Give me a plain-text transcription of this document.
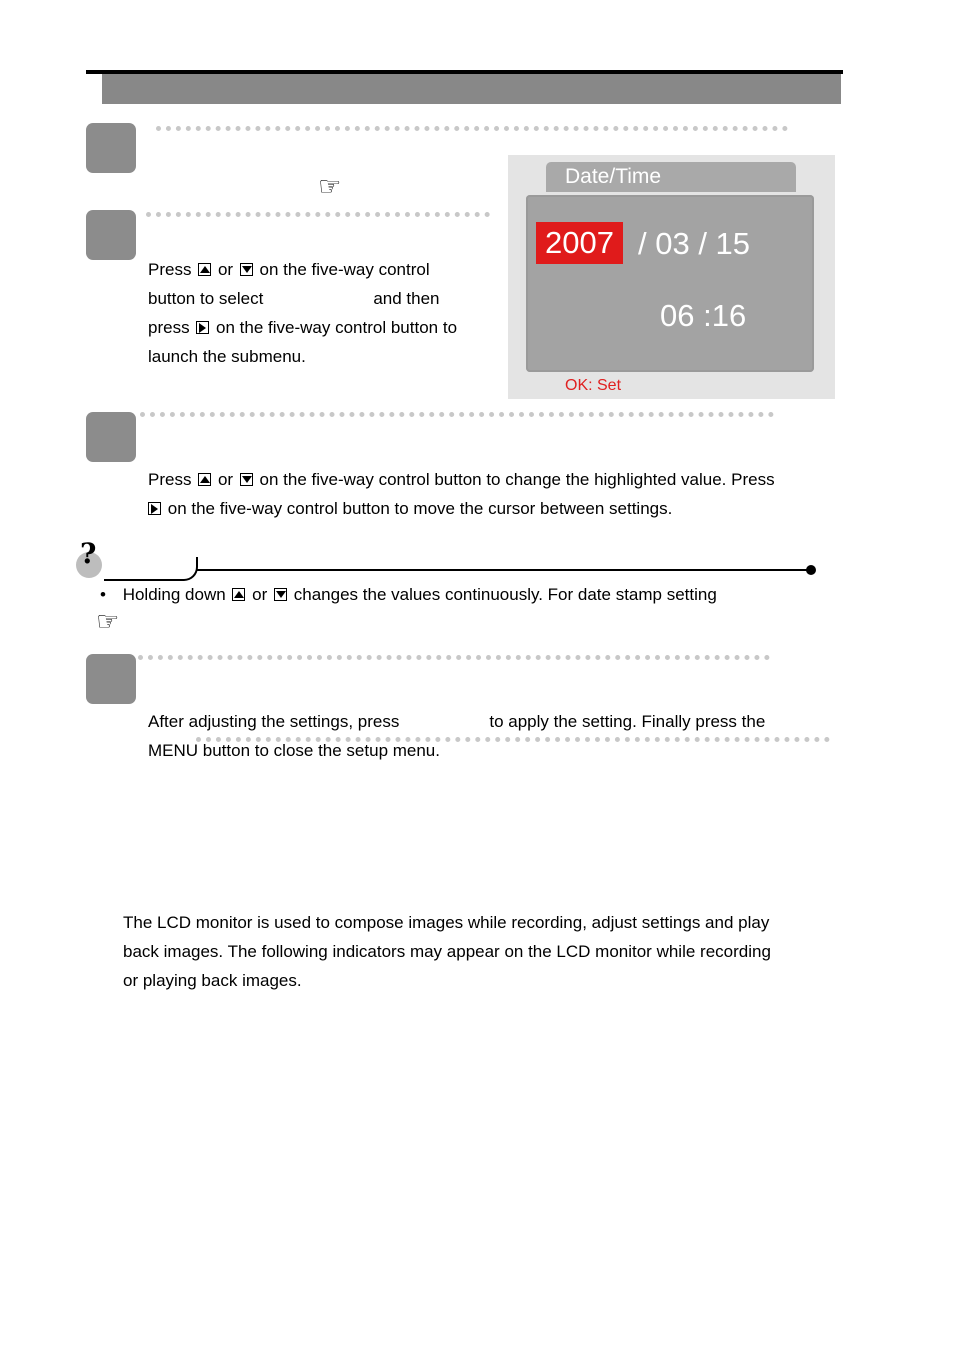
☞
Press or on the five-way control
button to select	and then
press on the five-way control button to
launch the submenu.
Date/Time
2007 / 03 / 15
06 :16
OK: Set
Press or on the five-way control button to change the highlighted value. Press
on the five-way control button to move the cursor between settings.
?
• Holding down or changes the values continuously. For date stamp setting
☞
After adjusting the settings, press	to apply the setting. Finally press the
MENU button to close the setup menu.
The LCD monitor is used to compose images while recording, adjust settings and play
back images. The following indicators may appear on the LCD monitor while recording
or playing back images.
